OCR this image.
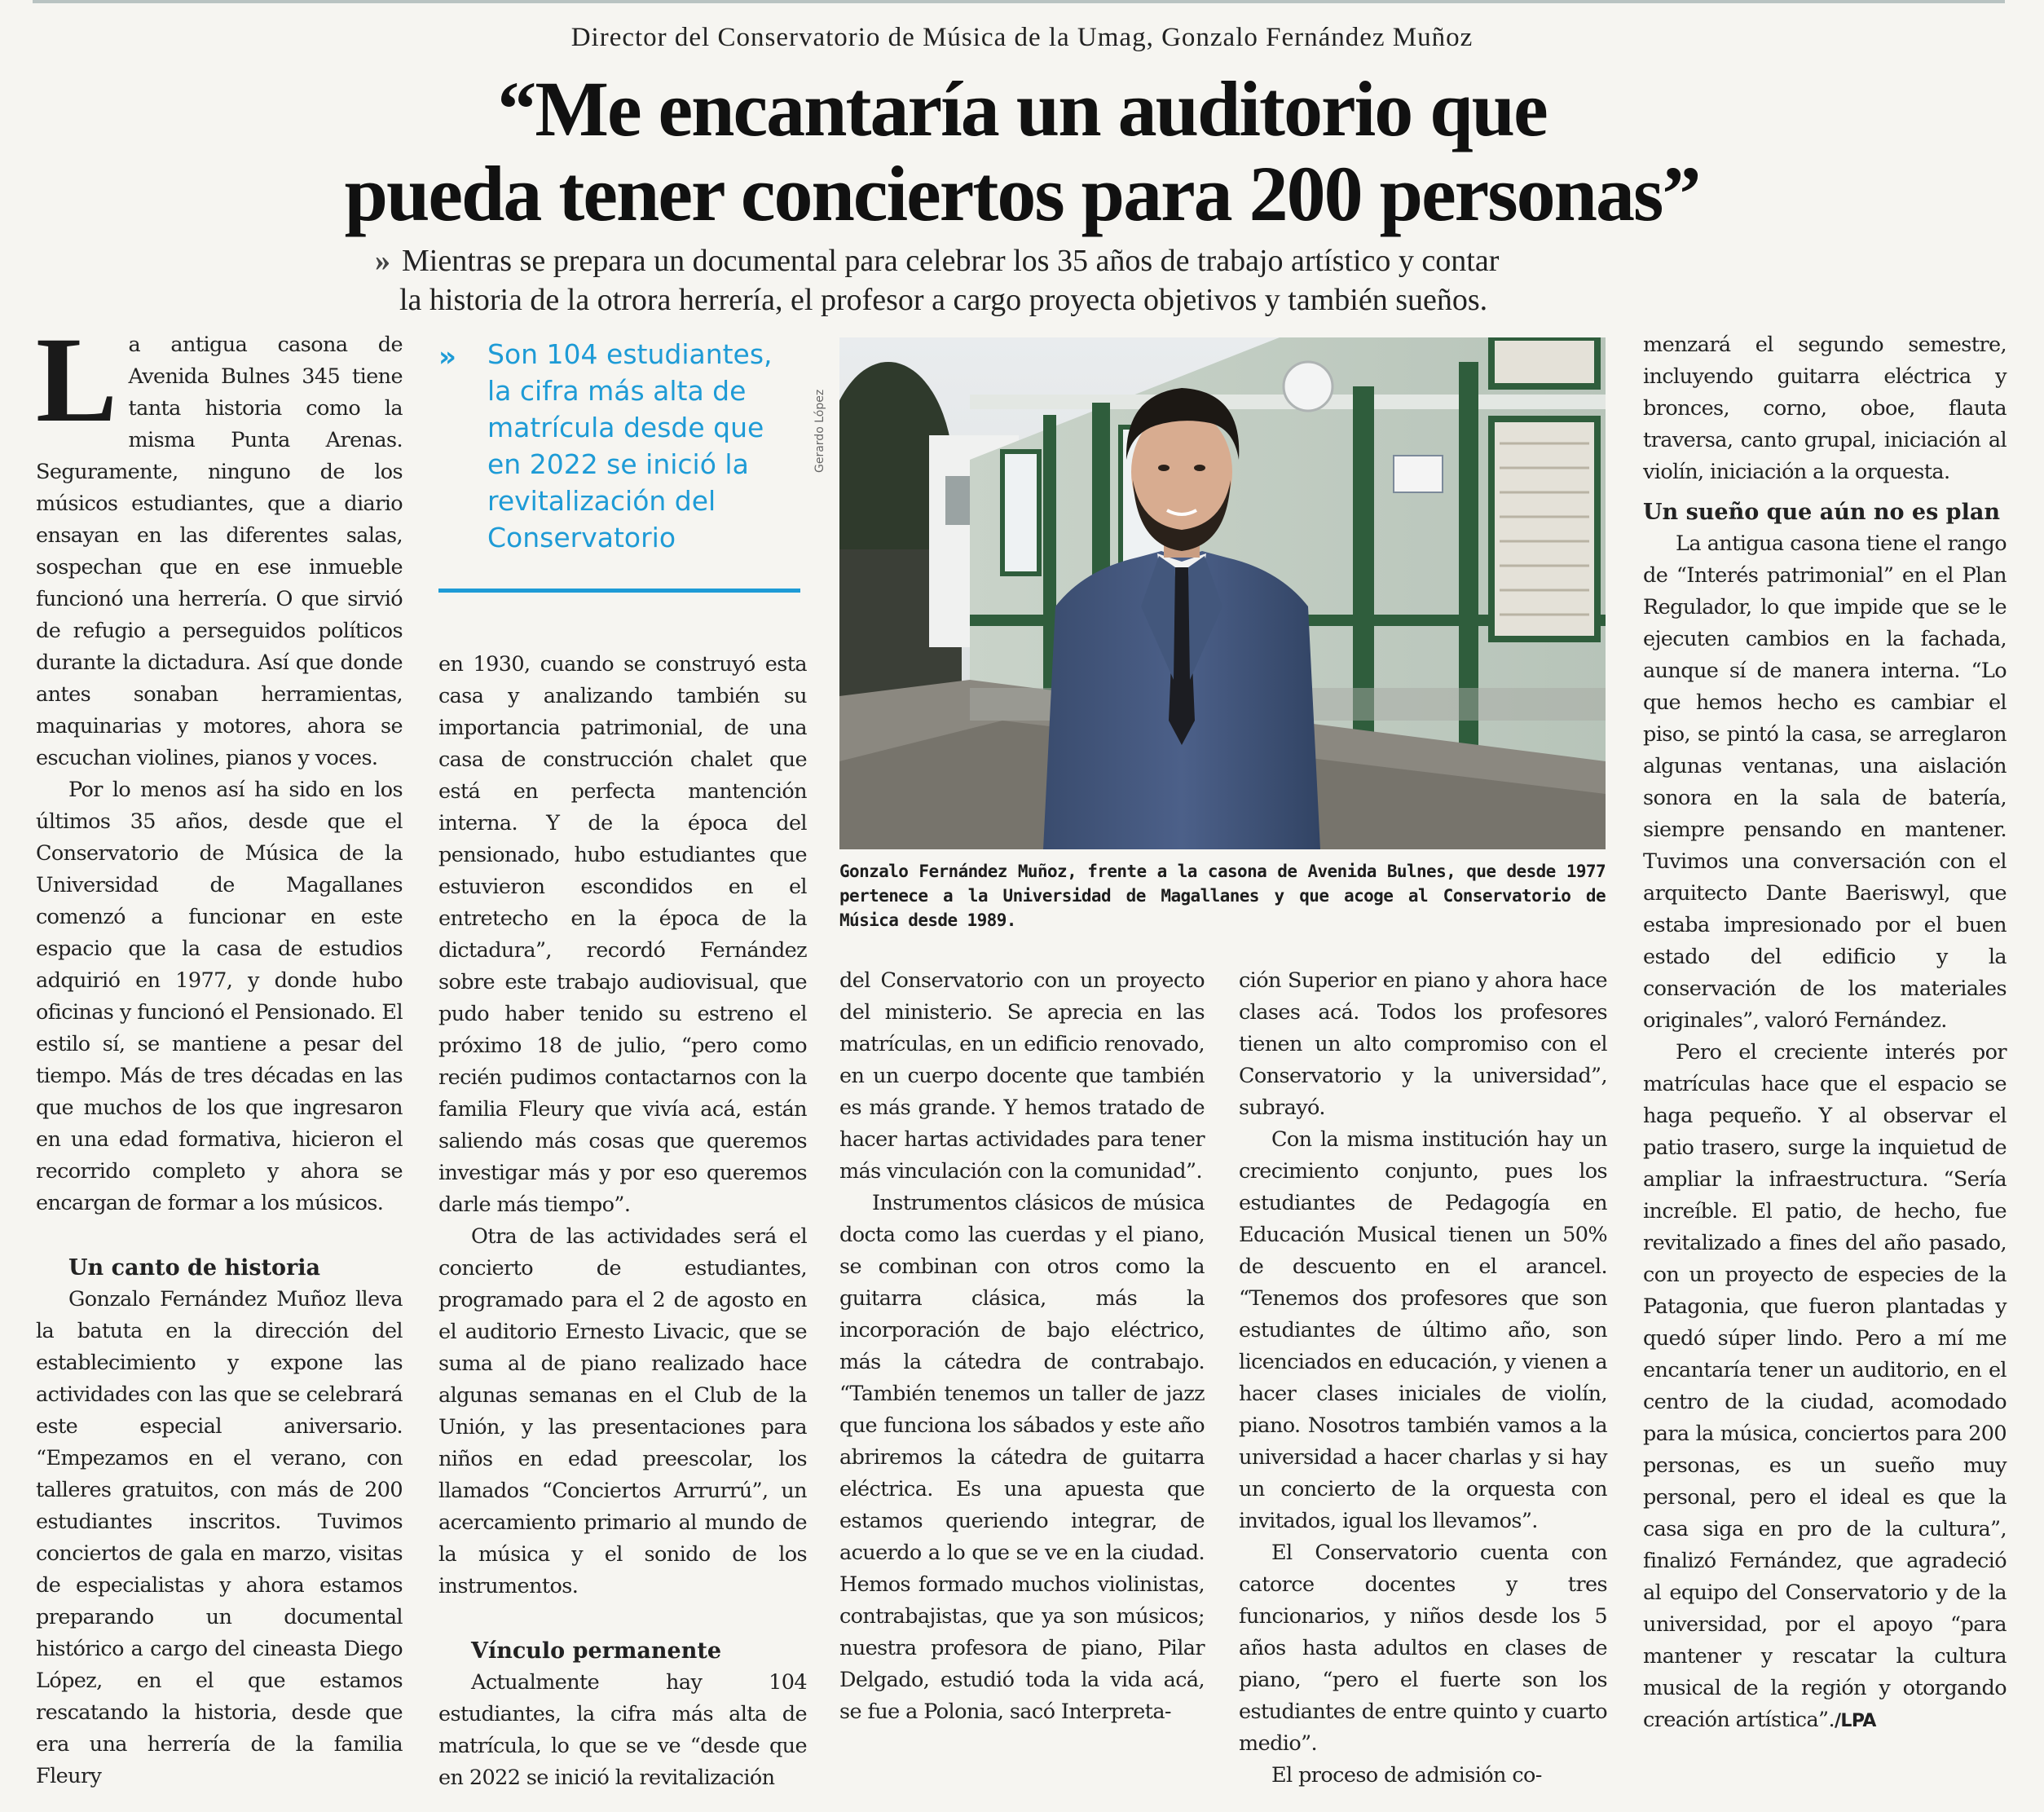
Director del Conservatorio de Música de la Umag, Gonzalo Fernández Muñoz
“Me encantaría un auditorio que
pueda tener conciertos para 200 personas”
» Mientras se prepara un documental para celebrar los 35 años de trabajo artístico y contar
la historia de la otrora herrería, el profesor a cargo proyecta objetivos y también sueños.
L a antigua casona de Avenida Bulnes 345 tiene tanta historia como la misma Punta Arenas. Seguramente, ninguno de los músicos estudiantes, que a diario ensayan en las diferentes salas, sospechan que en ese inmueble funcionó una herrería. O que sirvió de refugio a perseguidos políticos durante la dictadura. Así que donde antes sonaban herramientas, maquinarias y motores, ahora se escuchan violines, pianos y voces.

Por lo menos así ha sido en los últimos 35 años, desde que el Conservatorio de Música de la Universidad de Magallanes comenzó a funcionar en este espacio que la casa de estudios adquirió en 1977, y donde hubo oficinas y funcionó el Pensionado. El estilo sí, se mantiene a pesar del tiempo. Más de tres décadas en las que muchos de los que ingresaron en una edad formativa, hicieron el recorrido completo y ahora se encargan de formar a los músicos.

Un canto de historia

Gonzalo Fernández Muñoz lleva la batuta en la dirección del establecimiento y expone las actividades con las que se celebrará este especial aniversario. “Empezamos en el verano, con talleres gratuitos, con más de 200 estudiantes inscritos. Tuvimos conciertos de gala en marzo, visitas de especialistas y ahora estamos preparando un documental histórico a cargo del cineasta Diego López, en el que estamos rescatando la historia, desde que era una herrería de la familia Fleury

» Son 104 estudiantes, la cifra más alta de matrícula desde que en 2022 se inició la revitalización del Conservatorio

en 1930, cuando se construyó esta casa y analizando también su importancia patrimonial, de una casa de construcción chalet que está en perfecta mantención interna. Y de la época del pensionado, hubo estudiantes que estuvieron escondidos en el entretecho en la época de la dictadura”, recordó Fernández sobre este trabajo audiovisual, que pudo haber tenido su estreno el próximo 18 de julio, “pero como recién pudimos contactarnos con la familia Fleury que vivía acá, están saliendo más cosas que queremos investigar más y por eso queremos darle más tiempo”.

Otra de las actividades será el concierto de estudiantes, programado para el 2 de agosto en el auditorio Ernesto Livacic, que se suma al de piano realizado hace algunas semanas en el Club de la Unión, y las presentaciones para niños en edad preescolar, los llamados “Conciertos Arrurrú”, un acercamiento primario al mundo de la música y el sonido de los instrumentos.

Vínculo permanente

Actualmente hay 104 estudiantes, la cifra más alta de matrícula, lo que se ve “desde que en 2022 se inició la revitalización

Gerardo López
Gonzalo Fernández Muñoz, frente a la casona de Avenida Bulnes, que desde 1977 pertenece a la Universidad de Magallanes y que acoge al Conservatorio de Música desde 1989.

del Conservatorio con un proyecto del ministerio. Se aprecia en las matrículas, en un edificio renovado, en un cuerpo docente que también es más grande. Y hemos tratado de hacer hartas actividades para tener más vinculación con la comunidad”.

Instrumentos clásicos de música docta como las cuerdas y el piano, se combinan con otros como la guitarra clásica, más la incorporación de bajo eléctrico, más la cátedra de contrabajo. “También tenemos un taller de jazz que funciona los sábados y este año abriremos la cátedra de guitarra eléctrica. Es una apuesta que estamos queriendo integrar, de acuerdo a lo que se ve en la ciudad. Hemos formado muchos violinistas, contrabajistas, que ya son músicos; nuestra profesora de piano, Pilar Delgado, estudió toda la vida acá, se fue a Polonia, sacó Interpreta-

ción Superior en piano y ahora hace clases acá. Todos los profesores tienen un alto compromiso con el Conservatorio y la universidad”, subrayó.

Con la misma institución hay un crecimiento conjunto, pues los estudiantes de Pedagogía en Educación Musical tienen un 50% de descuento en el arancel. “Tenemos dos profesores que son estudiantes de último año, son licenciados en educación, y vienen a hacer clases iniciales de violín, piano. Nosotros también vamos a la universidad a hacer charlas y si hay un concierto de la orquesta con invitados, igual los llevamos”.

El Conservatorio cuenta con catorce docentes y tres funcionarios, y niños desde los 5 años hasta adultos en clases de piano, “pero el fuerte son los estudiantes de entre quinto y cuarto medio”.

El proceso de admisión co-

menzará el segundo semestre, incluyendo guitarra eléctrica y bronces, corno, oboe, flauta traversa, canto grupal, iniciación al violín, iniciación a la orquesta.

Un sueño que aún no es plan

La antigua casona tiene el rango de “Interés patrimonial” en el Plan Regulador, lo que impide que se le ejecuten cambios en la fachada, aunque sí de manera interna. “Lo que hemos hecho es cambiar el piso, se pintó la casa, se arreglaron algunas ventanas, una aislación sonora en la sala de batería, siempre pensando en mantener. Tuvimos una conversación con el arquitecto Dante Baeriswyl, que estaba impresionado por el buen estado del edificio y la conservación de los materiales originales”, valoró Fernández.

Pero el creciente interés por matrículas hace que el espacio se haga pequeño. Y al observar el patio trasero, surge la inquietud de ampliar la infraestructura. “Sería increíble. El patio, de hecho, fue revitalizado a fines del año pasado, con un proyecto de especies de la Patagonia, que fueron plantadas y quedó súper lindo. Pero a mí me encantaría tener un auditorio, en el centro de la ciudad, acomodado para la música, conciertos para 200 personas, es un sueño muy personal, pero el ideal es que la casa siga en pro de la cultura”, finalizó Fernández, que agradeció al equipo del Conservatorio y de la universidad, por el apoyo “para mantener y rescatar la cultura musical de la región y otorgando creación artística”./LPA
